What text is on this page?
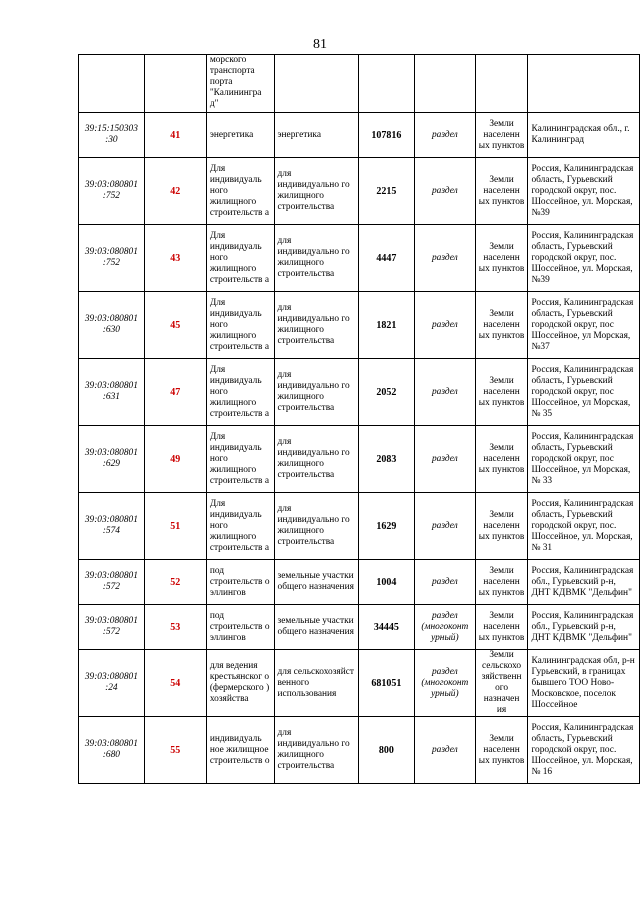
81
		морского транспорта порта "Калинингра д"					
39:15:150303 :30	41	энергетика	энергетика	107816	раздел	Земли населенн ых пунктов	Калининградская обл., г. Калининград
39:03:080801 :752	42	Для индивидуаль ного жилищного строительств а	для индивидуально го жилищного строительства	2215	раздел	Земли населенн ых пунктов	Россия, Калининградская область, Гурьевский городской округ, пос. Шоссейное, ул. Морская, №39
39:03:080801 :752	43	Для индивидуаль ного жилищного строительств а	для индивидуально го жилищного строительства	4447	раздел	Земли населенн ых пунктов	Россия, Калининградская область, Гурьевский городской округ, пос. Шоссейное, ул. Морская, №39
39:03:080801 :630	45	Для индивидуаль ного жилищного строительств а	для индивидуально го жилищного строительства	1821	раздел	Земли населенн ых пунктов	Россия, Калининградская область, Гурьевский городской округ, пос Шоссейное, ул Морская, №37
39:03:080801 :631	47	Для индивидуаль ного жилищного строительств а	для индивидуально го жилищного строительства	2052	раздел	Земли населенн ых пунктов	Россия, Калининградская область, Гурьевский городской округ, пос Шоссейное, ул Морская, № 35
39:03:080801 :629	49	Для индивидуаль ного жилищного строительств а	для индивидуально го жилищного строительства	2083	раздел	Земли населенн ых пунктов	Россия, Калининградская область, Гурьевский городской округ, пос Шоссейное, ул Морская, № 33
39:03:080801 :574	51	Для индивидуаль ного жилищного строительств а	для индивидуально го жилищного строительства	1629	раздел	Земли населенн ых пунктов	Россия, Калининградская область, Гурьевский городской округ, пос. Шоссейное, ул. Морская, № 31
39:03:080801 :572	52	под строительств о эллингов	земельные участки общего назначения	1004	раздел	Земли населенн ых пунктов	Россия, Калининградская обл., Гурьевский р-н, ДНТ КДВМК "Дельфин"
39:03:080801 :572	53	под строительств о эллингов	земельные участки общего назначения	34445	раздел (многоконт урный)	Земли населенн ых пунктов	Россия, Калининградская обл., Гурьевский р-н, ДНТ КДВМК "Дельфин"
39:03:080801 :24	54	для ведения крестьянског о (фермерского ) хозяйства	для сельскохозяйст венного использования	681051	раздел (многоконт урный)	Земли сельскохо зяйственн ого назначен ия	Калининградская обл, р-н Гурьевский, в границах бывшего ТОО Ново-Московское, поселок Шоссейное
39:03:080801 :680	55	индивидуаль ное жилищное строительств о	для индивидуально го жилищного строительства	800	раздел	Земли населенн ых пунктов	Россия, Калининградская область, Гурьевский городской округ, пос. Шоссейное, ул. Морская, № 16
